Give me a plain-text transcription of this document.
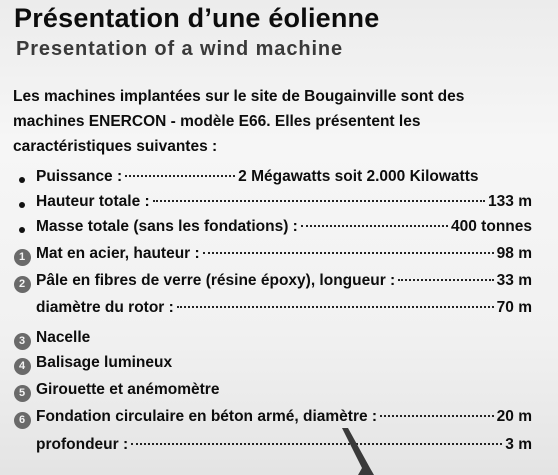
Présentation d’une éolienne
Presentation of a wind machine
Les machines implantées sur le site de Bougainville sont des
machines ENERCON - modèle E66. Elles présentent les
caractéristiques suivantes :
Puissance :	2 Mégawatts soit 2.000 Kilowatts
Hauteur totale :	133 m
Masse totale (sans les fondations) :	400 tonnes
1 Mat en acier, hauteur :	98 m
2 Pâle en fibres de verre (résine époxy), longueur :	33 m
diamètre du rotor :	70 m
3 Nacelle
4 Balisage lumineux
5 Girouette et anémomètre
6 Fondation circulaire en béton armé, diamètre :	20 m
profondeur :	3 m
